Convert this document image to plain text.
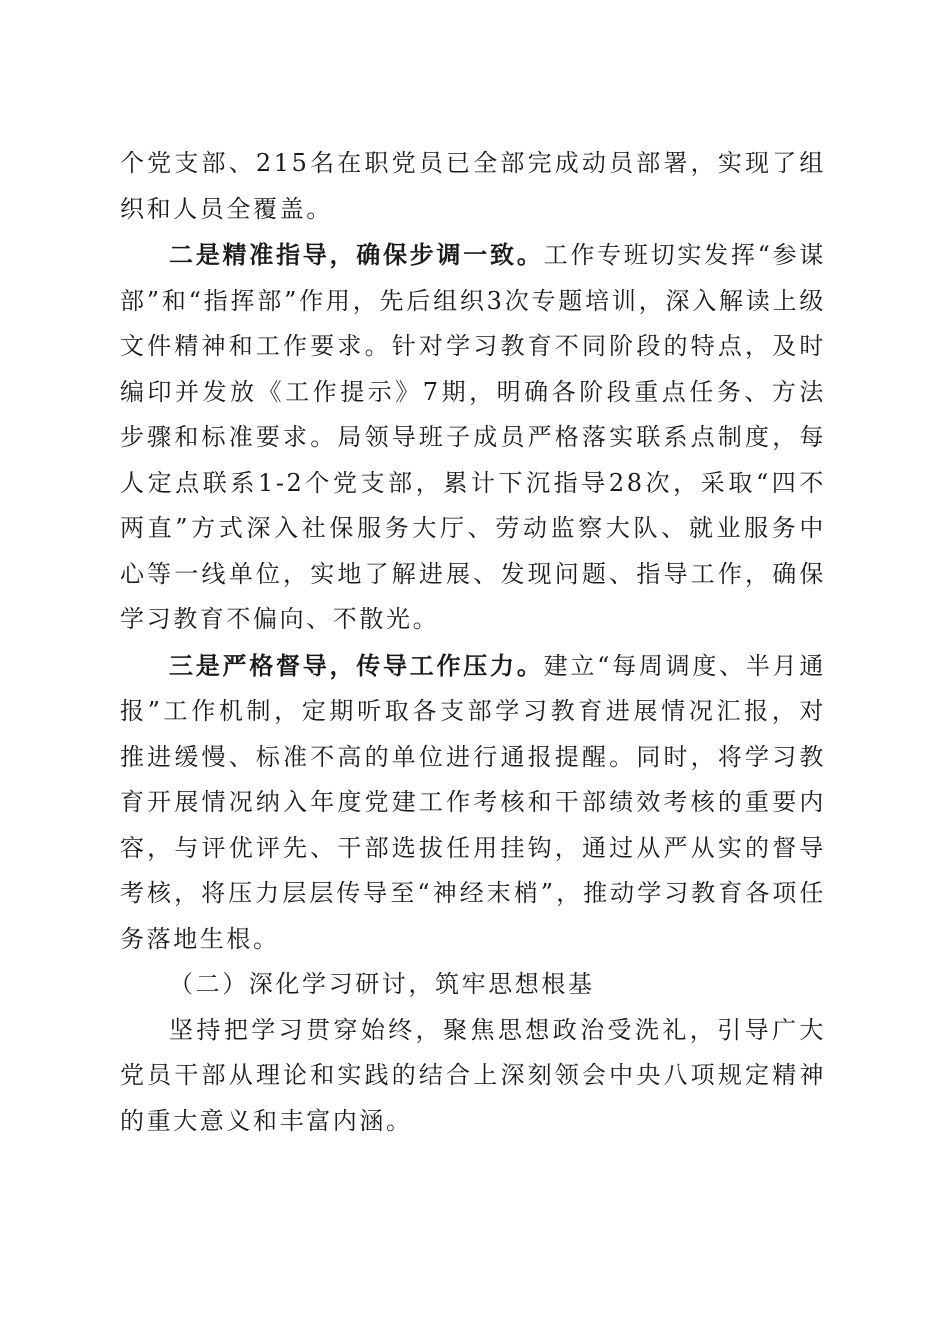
个党支部、215名在职党员已全部完成动员部署，实现了组织和人员全覆盖。

二是精准指导，确保步调一致。工作专班切实发挥“参谋部”和“指挥部”作用，先后组织3次专题培训，深入解读上级文件精神和工作要求。针对学习教育不同阶段的特点，及时编印并发放《工作提示》7期，明确各阶段重点任务、方法步骤和标准要求。局领导班子成员严格落实联系点制度，每人定点联系1-2个党支部，累计下沉指导28次，采取“四不两直”方式深入社保服务大厅、劳动监察大队、就业服务中心等一线单位，实地了解进展、发现问题、指导工作，确保学习教育不偏向、不散光。

三是严格督导，传导工作压力。建立“每周调度、半月通报”工作机制，定期听取各支部学习教育进展情况汇报，对推进缓慢、标准不高的单位进行通报提醒。同时，将学习教育开展情况纳入年度党建工作考核和干部绩效考核的重要内容，与评优评先、干部选拔任用挂钩，通过从严从实的督导考核，将压力层层传导至“神经末梢”，推动学习教育各项任务落地生根。

（二）深化学习研讨，筑牢思想根基

坚持把学习贯穿始终，聚焦思想政治受洗礼，引导广大党员干部从理论和实践的结合上深刻领会中央八项规定精神的重大意义和丰富内涵。
